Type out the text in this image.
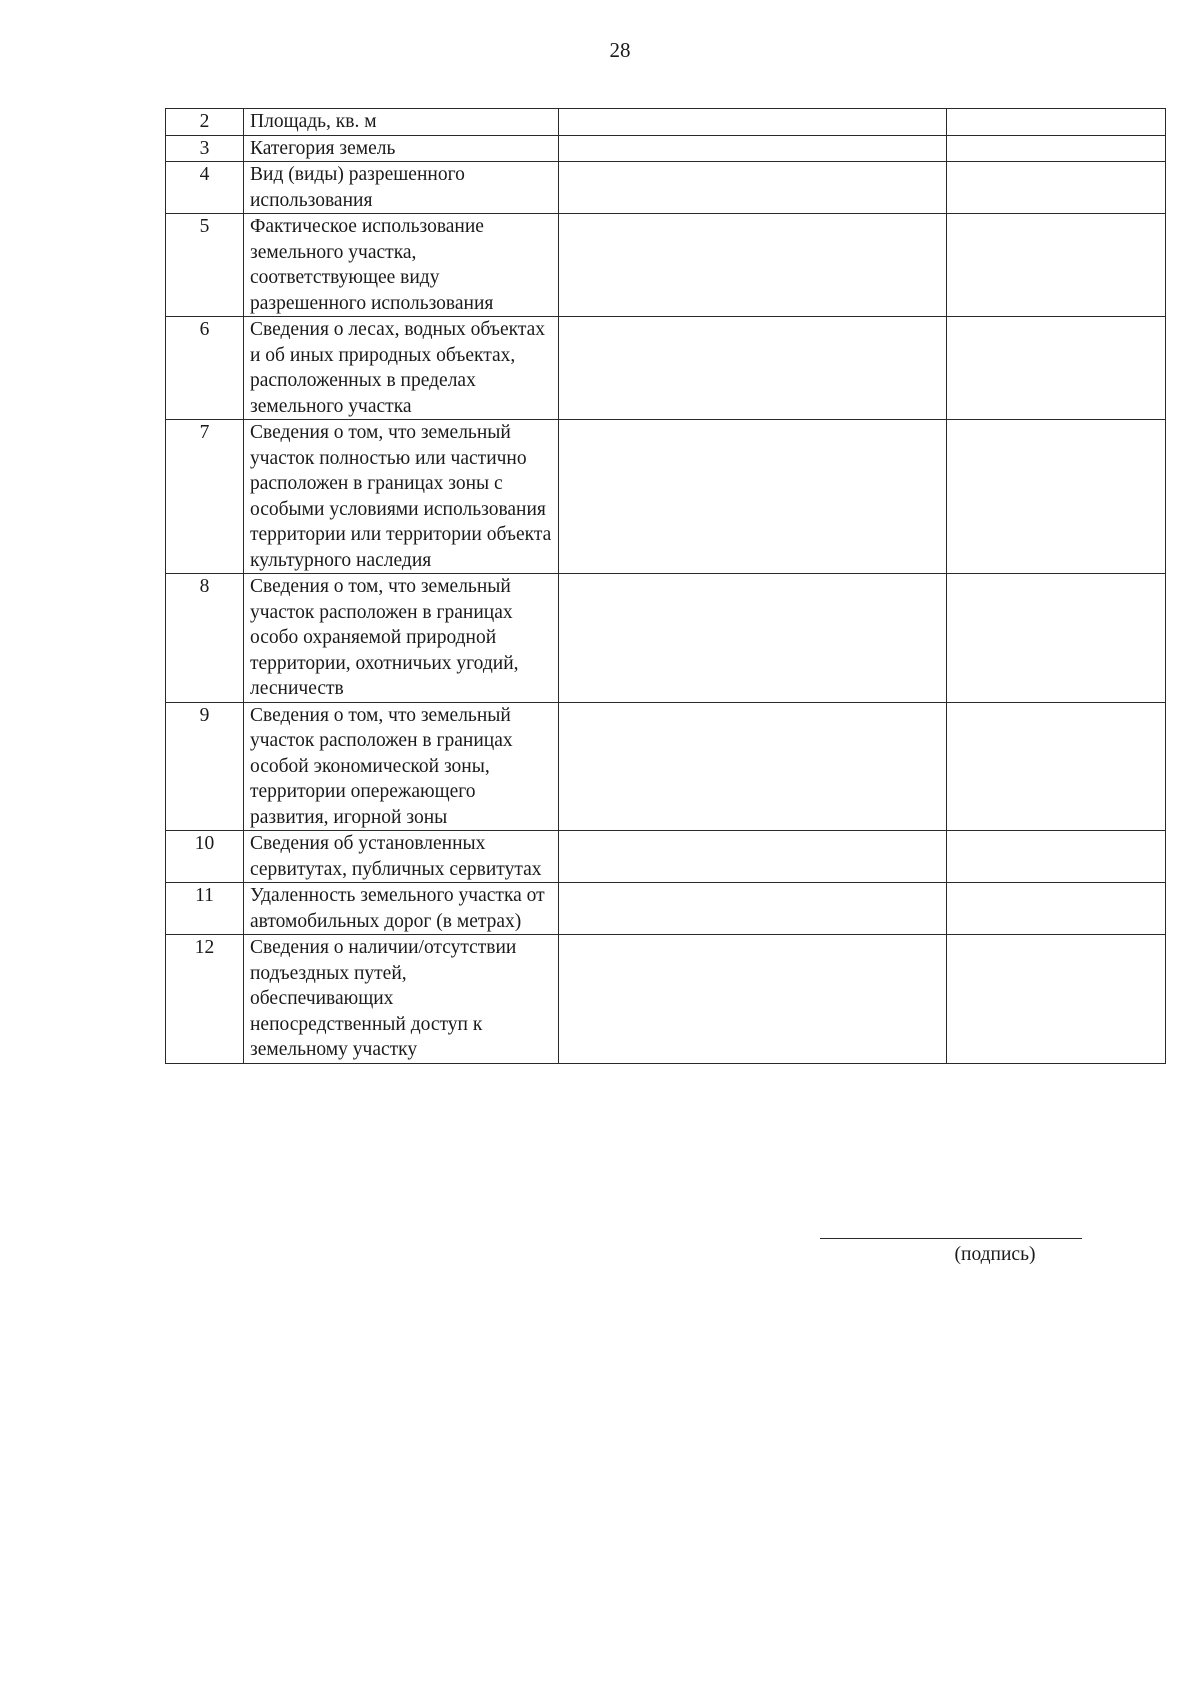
28
2	Площадь, кв. м		
3	Категория земель		
4	Вид (виды) разрешенного использования		
5	Фактическое использование земельного участка, соответствующее виду разрешенного использования		
6	Сведения о лесах, водных объектах и об иных природных объектах, расположенных в пределах земельного участка		
7	Сведения о том, что земельный участок полностью или частично расположен в границах зоны с особыми условиями использования территории или территории объекта культурного наследия		
8	Сведения о том, что земельный участок расположен в границах особо охраняемой природной территории, охотничьих угодий, лесничеств		
9	Сведения о том, что земельный участок расположен в границах особой экономической зоны, территории опережающего развития, игорной зоны		
10	Сведения об установленных сервитутах, публичных сервитутах		
11	Удаленность земельного участка от автомобильных дорог (в метрах)		
12	Сведения о наличии/отсутствии подъездных путей, обеспечивающих непосредственный доступ к земельному участку		
(подпись)
